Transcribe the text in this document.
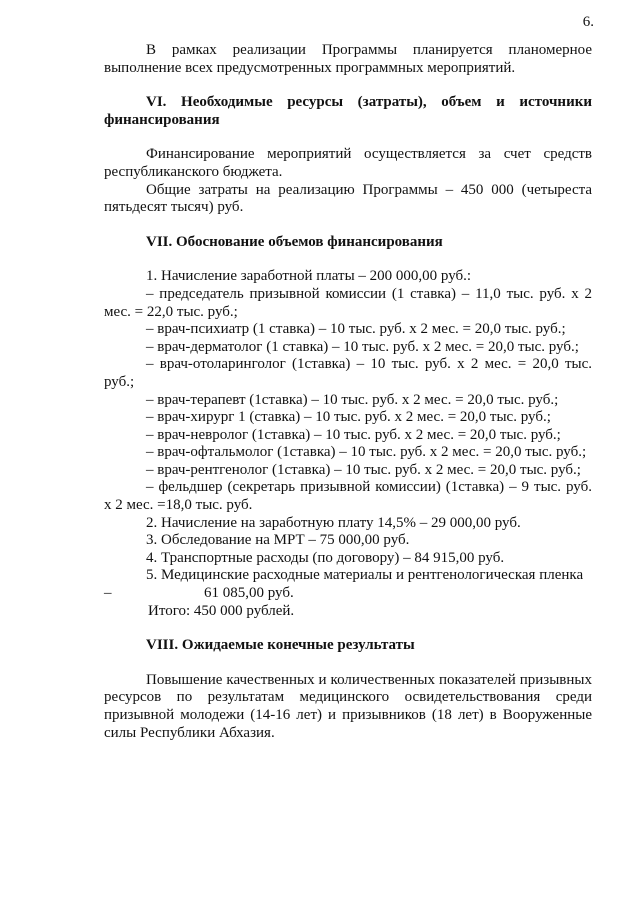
6.

В рамках реализации Программы планируется планомерное выполнение всех предусмотренных программных мероприятий.

VI. Необходимые ресурсы (затраты), объем и источники финансирования

Финансирование мероприятий осуществляется за счет средств республиканского бюджета.

Общие затраты на реализацию Программы – 450 000 (четыреста пятьдесят тысяч) руб.

VII. Обоснование объемов финансирования

1. Начисление заработной платы – 200 000,00 руб.:

– председатель призывной комиссии (1 ставка) – 11,0 тыс. руб. х 2 мес. = 22,0 тыс. руб.;

– врач-психиатр (1 ставка) – 10 тыс. руб. х 2 мес. = 20,0 тыс. руб.;

– врач-дерматолог (1 ставка) – 10 тыс. руб. х 2 мес. = 20,0 тыс. руб.;

– врач-отоларинголог (1ставка) – 10 тыс. руб. х 2 мес. = 20,0 тыс. руб.;

– врач-терапевт (1ставка) – 10 тыс. руб. х 2 мес. = 20,0 тыс. руб.;

– врач-хирург 1 (ставка) – 10 тыс. руб. х 2 мес. = 20,0 тыс. руб.;

– врач-невролог (1ставка) – 10 тыс. руб. х 2 мес. = 20,0 тыс. руб.;

– врач-офтальмолог (1ставка) – 10 тыс. руб. х 2 мес. = 20,0 тыс. руб.;

– врач-рентгенолог (1ставка) – 10 тыс. руб. х 2 мес. = 20,0 тыс. руб.;

– фельдшер (секретарь призывной комиссии) (1ставка) – 9 тыс. руб. х 2 мес. =18,0 тыс. руб.

2. Начисление на заработную плату 14,5% – 29 000,00 руб.

3. Обследование на МРТ – 75 000,00 руб.

4. Транспортные расходы (по договору) – 84 915,00 руб.

5. Медицинские расходные материалы и рентгенологическая пленка

–	61 085,00 руб.

Итого: 450 000 рублей.

VIII. Ожидаемые конечные результаты

Повышение качественных и количественных показателей призывных ресурсов по результатам медицинского освидетельствования среди призывной молодежи (14-16 лет) и призывников (18 лет) в Вооруженные силы Республики Абхазия.
